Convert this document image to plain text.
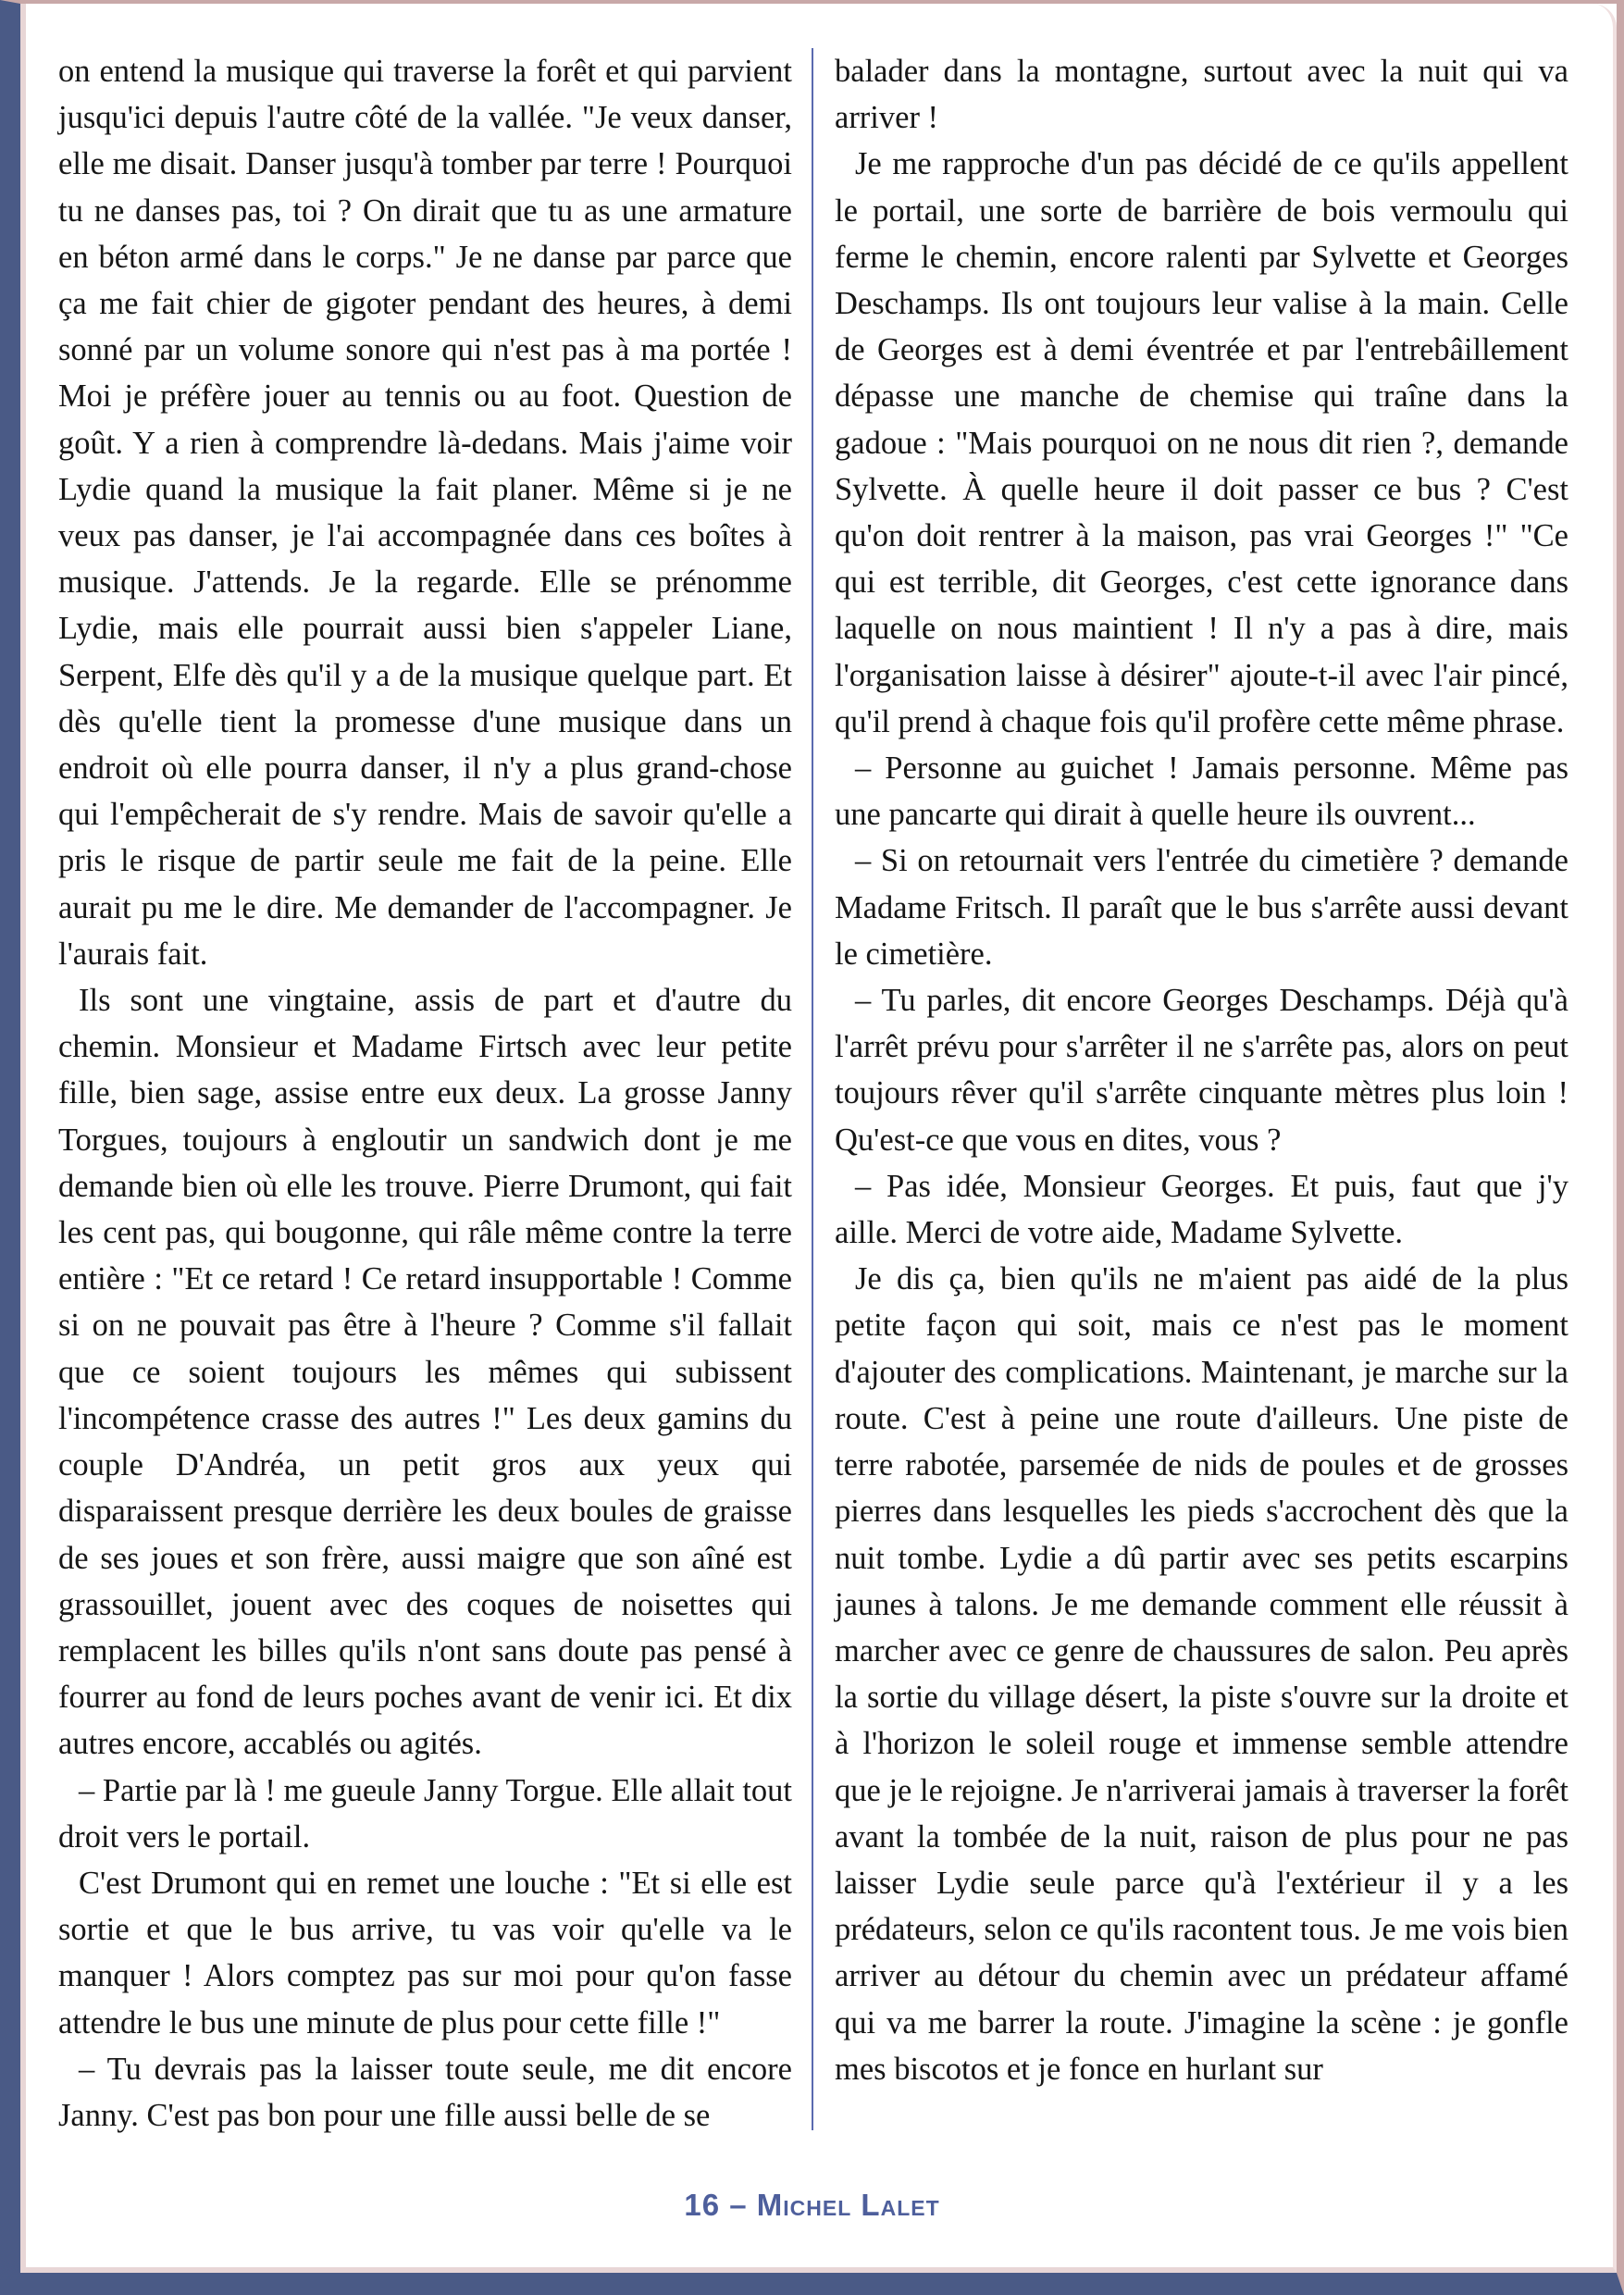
on entend la musique qui traverse la forêt et qui parvient jusqu'ici depuis l'autre côté de la vallée. "Je veux danser, elle me disait. Danser jusqu'à tomber par terre ! Pourquoi tu ne danses pas, toi ? On dirait que tu as une armature en béton armé dans le corps." Je ne danse par parce que ça me fait chier de gigoter pendant des heures, à demi sonné par un volume sonore qui n'est pas à ma portée ! Moi je préfère jouer au tennis ou au foot. Question de goût. Y a rien à comprendre là-dedans. Mais j'aime voir Lydie quand la musique la fait planer. Même si je ne veux pas danser, je l'ai accompagnée dans ces boîtes à musique. J'attends. Je la regarde. Elle se prénomme Lydie, mais elle pourrait aussi bien s'appeler Liane, Serpent, Elfe dès qu'il y a de la musique quelque part. Et dès qu'elle tient la promesse d'une musique dans un endroit où elle pourra danser, il n'y a plus grand-chose qui l'empêcherait de s'y rendre. Mais de savoir qu'elle a pris le risque de partir seule me fait de la peine. Elle aurait pu me le dire. Me demander de l'accompagner. Je l'aurais fait.

Ils sont une vingtaine, assis de part et d'autre du chemin. Monsieur et Madame Firtsch avec leur petite fille, bien sage, assise entre eux deux. La grosse Janny Torgues, toujours à engloutir un sandwich dont je me demande bien où elle les trouve. Pierre Drumont, qui fait les cent pas, qui bougonne, qui râle même contre la terre entière : "Et ce retard ! Ce retard insupportable ! Comme si on ne pouvait pas être à l'heure ? Comme s'il fallait que ce soient toujours les mêmes qui subissent l'incompétence crasse des autres !" Les deux gamins du couple D'Andréa, un petit gros aux yeux qui disparaissent presque derrière les deux boules de graisse de ses joues et son frère, aussi maigre que son aîné est grassouillet, jouent avec des coques de noisettes qui remplacent les billes qu'ils n'ont sans doute pas pensé à fourrer au fond de leurs poches avant de venir ici. Et dix autres encore, accablés ou agités.

– Partie par là ! me gueule Janny Torgue. Elle allait tout droit vers le portail.

C'est Drumont qui en remet une louche : "Et si elle est sortie et que le bus arrive, tu vas voir qu'elle va le manquer ! Alors comptez pas sur moi pour qu'on fasse attendre le bus une minute de plus pour cette fille !"

– Tu devrais pas la laisser toute seule, me dit encore Janny. C'est pas bon pour une fille aussi belle de se

balader dans la montagne, surtout avec la nuit qui va arriver !

Je me rapproche d'un pas décidé de ce qu'ils appellent le portail, une sorte de barrière de bois vermoulu qui ferme le chemin, encore ralenti par Sylvette et Georges Deschamps. Ils ont toujours leur valise à la main. Celle de Georges est à demi éventrée et par l'entrebâillement dépasse une manche de chemise qui traîne dans la gadoue : "Mais pourquoi on ne nous dit rien ?, demande Sylvette. À quelle heure il doit passer ce bus ? C'est qu'on doit rentrer à la maison, pas vrai Georges !" "Ce qui est terrible, dit Georges, c'est cette ignorance dans laquelle on nous maintient ! Il n'y a pas à dire, mais l'organisation laisse à désirer" ajoute-t-il avec l'air pincé, qu'il prend à chaque fois qu'il profère cette même phrase.

– Personne au guichet ! Jamais personne. Même pas une pancarte qui dirait à quelle heure ils ouvrent...

– Si on retournait vers l'entrée du cimetière ? demande Madame Fritsch. Il paraît que le bus s'arrête aussi devant le cimetière.

– Tu parles, dit encore Georges Deschamps. Déjà qu'à l'arrêt prévu pour s'arrêter il ne s'arrête pas, alors on peut toujours rêver qu'il s'arrête cinquante mètres plus loin ! Qu'est-ce que vous en dites, vous ?

– Pas idée, Monsieur Georges. Et puis, faut que j'y aille. Merci de votre aide, Madame Sylvette.

Je dis ça, bien qu'ils ne m'aient pas aidé de la plus petite façon qui soit, mais ce n'est pas le moment d'ajouter des complications. Maintenant, je marche sur la route. C'est à peine une route d'ailleurs. Une piste de terre rabotée, parsemée de nids de poules et de grosses pierres dans lesquelles les pieds s'accrochent dès que la nuit tombe. Lydie a dû partir avec ses petits escarpins jaunes à talons. Je me demande comment elle réussit à marcher avec ce genre de chaussures de salon. Peu après la sortie du village désert, la piste s'ouvre sur la droite et à l'horizon le soleil rouge et immense semble attendre que je le rejoigne. Je n'arriverai jamais à traverser la forêt avant la tombée de la nuit, raison de plus pour ne pas laisser Lydie seule parce qu'à l'extérieur il y a les prédateurs, selon ce qu'ils racontent tous. Je me vois bien arriver au détour du chemin avec un prédateur affamé qui va me barrer la route. J'imagine la scène : je gonfle mes biscotos et je fonce en hurlant sur

16 – Michel Lalet
